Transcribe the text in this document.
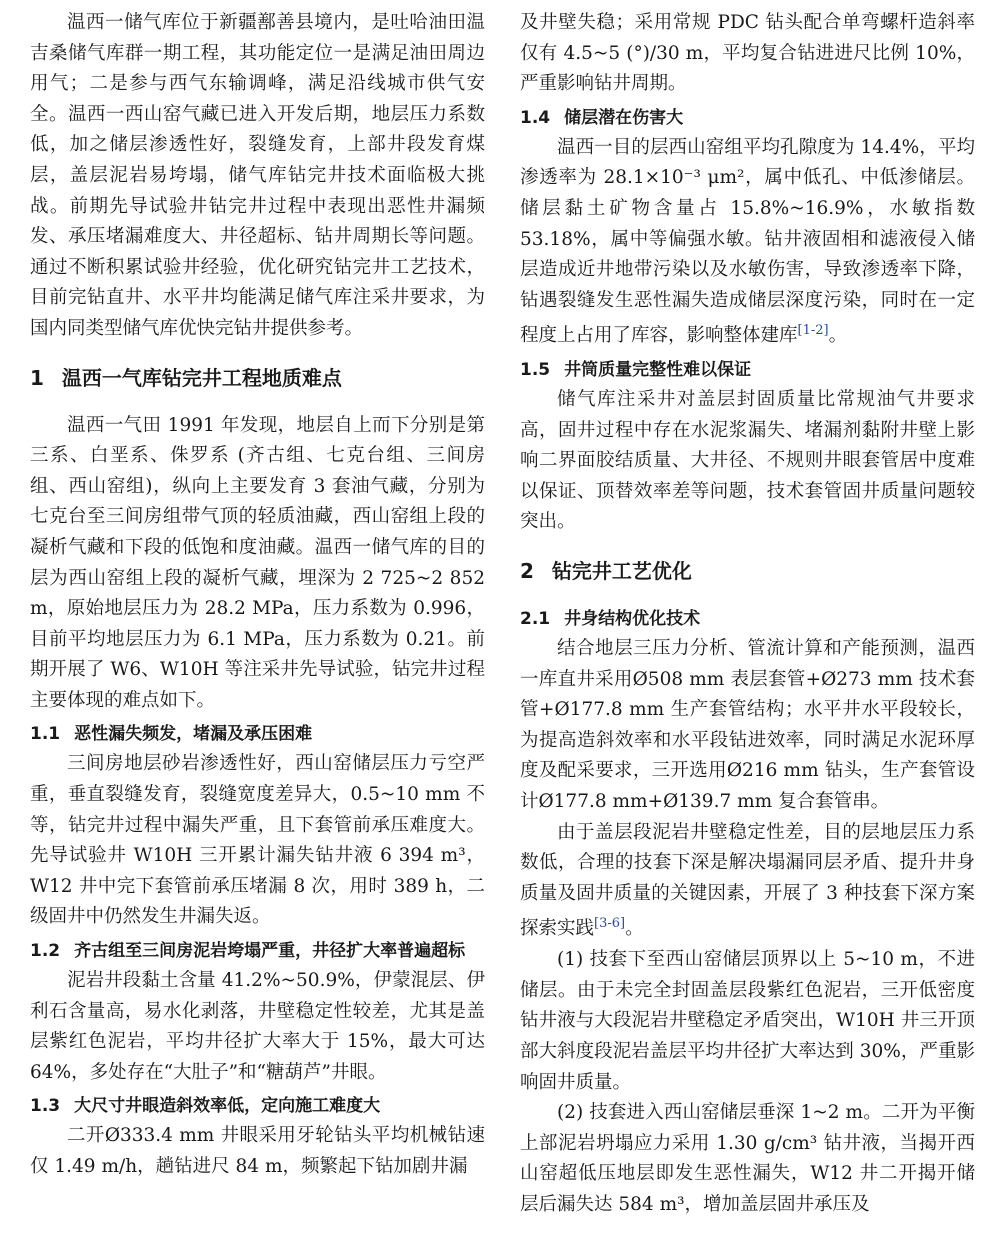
温西一储气库位于新疆鄯善县境内，是吐哈油田温吉桑储气库群一期工程，其功能定位一是满足油田周边用气；二是参与西气东输调峰，满足沿线城市供气安全。温西一西山窑气藏已进入开发后期，地层压力系数低，加之储层渗透性好，裂缝发育，上部井段发育煤层，盖层泥岩易垮塌，储气库钻完井技术面临极大挑战。前期先导试验井钻完井过程中表现出恶性井漏频发、承压堵漏难度大、井径超标、钻井周期长等问题。通过不断积累试验井经验，优化研究钻完井工艺技术，目前完钻直井、水平井均能满足储气库注采井要求，为国内同类型储气库优快完钻井提供参考。

1 温西一气库钻完井工程地质难点

温西一气田 1991 年发现，地层自上而下分别是第三系、白垩系、侏罗系 (齐古组、七克台组、三间房组、西山窑组)，纵向上主要发育 3 套油气藏，分别为七克台至三间房组带气顶的轻质油藏，西山窑组上段的凝析气藏和下段的低饱和度油藏。温西一储气库的目的层为西山窑组上段的凝析气藏，埋深为 2 725~2 852 m，原始地层压力为 28.2 MPa，压力系数为 0.996，目前平均地层压力为 6.1 MPa，压力系数为 0.21。前期开展了 W6、W10H 等注采井先导试验，钻完井过程主要体现的难点如下。

1.1 恶性漏失频发，堵漏及承压困难

三间房地层砂岩渗透性好，西山窑储层压力亏空严重，垂直裂缝发育，裂缝宽度差异大，0.5~10 mm 不等，钻完井过程中漏失严重，且下套管前承压难度大。先导试验井 W10H 三开累计漏失钻井液 6 394 m³，W12 井中完下套管前承压堵漏 8 次，用时 389 h，二级固井中仍然发生井漏失返。

1.2 齐古组至三间房泥岩垮塌严重，井径扩大率普遍超标

泥岩井段黏土含量 41.2%~50.9%，伊蒙混层、伊利石含量高，易水化剥落，井壁稳定性较差，尤其是盖层紫红色泥岩，平均井径扩大率大于 15%，最大可达 64%，多处存在“大肚子”和“糖葫芦”井眼。

1.3 大尺寸井眼造斜效率低，定向施工难度大

二开Ø333.4 mm 井眼采用牙轮钻头平均机械钻速仅 1.49 m/h，趟钻进尺 84 m，频繁起下钻加剧井漏

及井壁失稳；采用常规 PDC 钻头配合单弯螺杆造斜率仅有 4.5~5 (°)/30 m，平均复合钻进进尺比例 10%，严重影响钻井周期。

1.4 储层潜在伤害大

温西一目的层西山窑组平均孔隙度为 14.4%，平均渗透率为 28.1×10⁻³ μm²，属中低孔、中低渗储层。储层黏土矿物含量占 15.8%~16.9%，水敏指数 53.18%，属中等偏强水敏。钻井液固相和滤液侵入储层造成近井地带污染以及水敏伤害，导致渗透率下降，钻遇裂缝发生恶性漏失造成储层深度污染，同时在一定程度上占用了库容，影响整体建库[1-2]。

1.5 井筒质量完整性难以保证

储气库注采井对盖层封固质量比常规油气井要求高，固井过程中存在水泥浆漏失、堵漏剂黏附井壁上影响二界面胶结质量、大井径、不规则井眼套管居中度难以保证、顶替效率差等问题，技术套管固井质量问题较突出。

2 钻完井工艺优化
2.1 井身结构优化技术

结合地层三压力分析、管流计算和产能预测，温西一库直井采用Ø508 mm 表层套管+Ø273 mm 技术套管+Ø177.8 mm 生产套管结构；水平井水平段较长，为提高造斜效率和水平段钻进效率，同时满足水泥环厚度及配采要求，三开选用Ø216 mm 钻头，生产套管设计Ø177.8 mm+Ø139.7 mm 复合套管串。

由于盖层段泥岩井壁稳定性差，目的层地层压力系数低，合理的技套下深是解决塌漏同层矛盾、提升井身质量及固井质量的关键因素，开展了 3 种技套下深方案探索实践[3-6]。

(1) 技套下至西山窑储层顶界以上 5~10 m，不进储层。由于未完全封固盖层段紫红色泥岩，三开低密度钻井液与大段泥岩井壁稳定矛盾突出，W10H 井三开顶部大斜度段泥岩盖层平均井径扩大率达到 30%，严重影响固井质量。

(2) 技套进入西山窑储层垂深 1~2 m。二开为平衡上部泥岩坍塌应力采用 1.30 g/cm³ 钻井液，当揭开西山窑超低压地层即发生恶性漏失，W12 井二开揭开储层后漏失达 584 m³，增加盖层固井承压及
